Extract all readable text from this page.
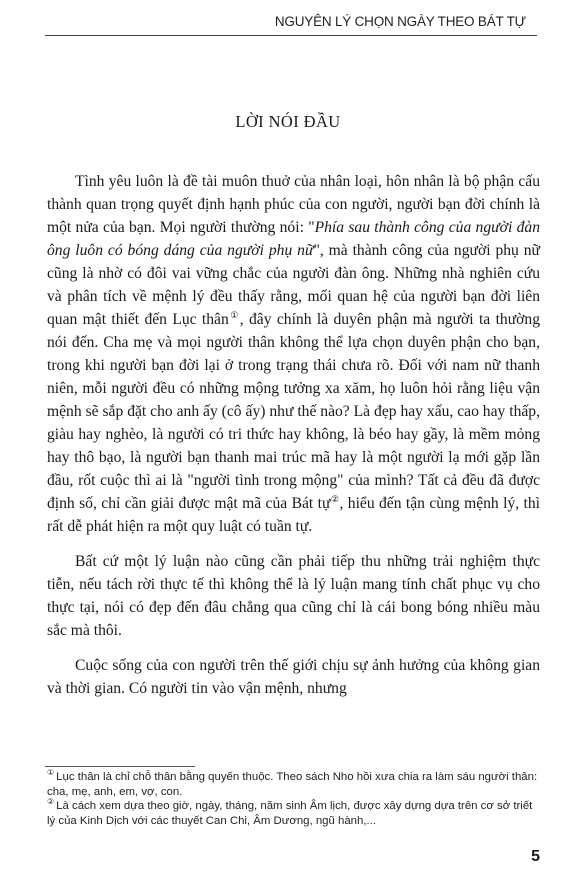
NGUYÊN LÝ CHỌN NGÀY THEO BÁT TỰ
LỜI NÓI ĐẦU

Tình yêu luôn là đề tài muôn thuở của nhân loại, hôn nhân là bộ phận cấu thành quan trọng quyết định hạnh phúc của con người, người bạn đời chính là một nửa của bạn. Mọi người thường nói: "Phía sau thành công của người đàn ông luôn có bóng dáng của người phụ nữ", mà thành công của người phụ nữ cũng là nhờ có đôi vai vững chắc của người đàn ông. Những nhà nghiên cứu và phân tích về mệnh lý đều thấy rằng, mối quan hệ của người bạn đời liên quan mật thiết đến Lục thân①, đây chính là duyên phận mà người ta thường nói đến. Cha mẹ và mọi người thân không thể lựa chọn duyên phận cho bạn, trong khi người bạn đời lại ở trong trạng thái chưa rõ. Đối với nam nữ thanh niên, mỗi người đều có những mộng tưởng xa xăm, họ luôn hỏi rằng liệu vận mệnh sẽ sắp đặt cho anh ấy (cô ấy) như thế nào? Là đẹp hay xấu, cao hay thấp, giàu hay nghèo, là người có tri thức hay không, là béo hay gầy, là mềm mỏng hay thô bạo, là người bạn thanh mai trúc mã hay là một người lạ mới gặp lần đầu, rốt cuộc thì ai là "người tình trong mộng" của mình? Tất cả đều đã được định số, chỉ cần giải được mật mã của Bát tự②, hiểu đến tận cùng mệnh lý, thì rất dễ phát hiện ra một quy luật có tuần tự.

Bất cứ một lý luận nào cũng cần phải tiếp thu những trải nghiệm thực tiễn, nếu tách rời thực tế thì không thể là lý luận mang tính chất phục vụ cho thực tại, nói có đẹp đến đâu chẳng qua cũng chỉ là cái bong bóng nhiều màu sắc mà thôi.

Cuộc sống của con người trên thế giới chịu sự ảnh hưởng của không gian và thời gian. Có người tin vào vận mệnh, nhưng

① Lục thân là chỉ chỗ thân bằng quyến thuộc. Theo sách Nho hồi xưa chia ra làm sáu người thân: cha, mẹ, anh, em, vợ, con.

② Là cách xem dựa theo giờ, ngày, tháng, năm sinh Âm lịch, được xây dựng dựa trên cơ sở triết lý của Kinh Dịch với các thuyết Can Chi, Âm Dương, ngũ hành,...

5
